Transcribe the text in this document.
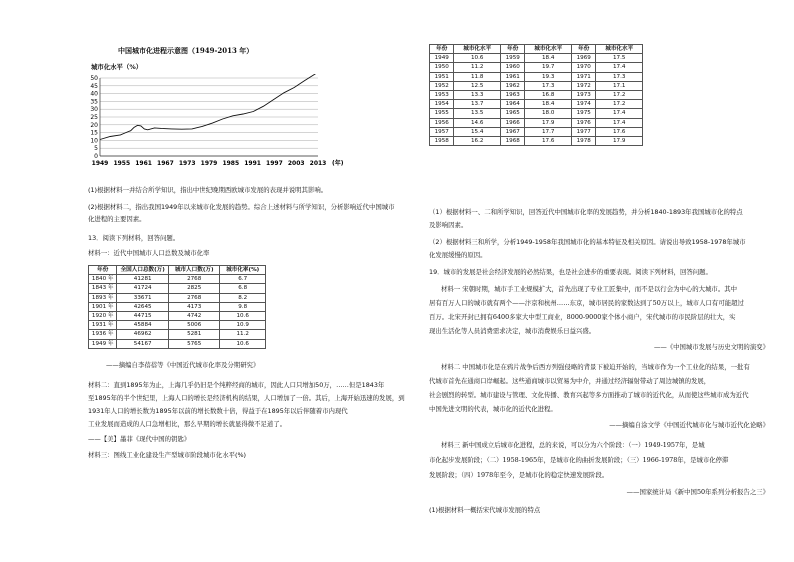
中国城市化进程示意图（1949-2013 年）
城市化水平（%）
0
5
10
15
20
25
30
35
40
45
50
1949 1955 1961 1967 1973 1979 1985 1991 1997 2003 2013 (年)
(1)根据材料一并结合所学知识，指出中世纪晚期西欧城市发展的表现并说明其影响。
(2)根据材料二，指出我国1949年以来城市化发展的趋势。综合上述材料与所学知识，分析影响近代中国城市
化进程的主要因素。
13．阅读下列材料，回答问题。
材料一：近代中国城市人口总数及城市化率
年份	全国人口总数(万)	城市人口数(万)	城市化率(%)
1840 年	41281	2768	6.7
1843 年	41724	2825	6.8
1893 年	33671	2768	8.2
1901 年	42645	4173	9.8
1920 年	44715	4742	10.6
1931 年	45884	5006	10.9
1936 年	46962	5281	11.2
1949 年	54167	5765	10.6
——摘编自李蓓蓓等《中国近代城市化率及分期研究》
材料二：直到1895年为止，上海几乎仍旧是个纯粹经商的城市，因此人口只增加50万，……但是1843年
至1895年的半个世纪里，上海人口的增长是经济机构的结果，人口增加了一倍。其后，上海开始迅速的发展，到
1931年人口的增长数为1895年以前的增长数数十倍，得益于在1895年以后伴随着市内现代
工业发展而造成的人口急增相比，那么早期的增长就显得微不足道了。
——【美】墨菲《现代中国的钥匙》
材料三：图线工业化建设生产型城市阶段城市化水平(%)
年份	城市化水平	年份	城市化水平	年份	城市化水平
1949	10.6	1959	18.4	1969	17.5
1950	11.2	1960	19.7	1970	17.4
1951	11.8	1961	19.3	1971	17.3
1952	12.5	1962	17.3	1972	17.1
1953	13.3	1963	16.8	1973	17.2
1954	13.7	1964	18.4	1974	17.2
1955	13.5	1965	18.0	1975	17.4
1956	14.6	1966	17.9	1976	17.4
1957	15.4	1967	17.7	1977	17.6
1958	16.2	1968	17.6	1978	17.9
（1）根据材料一、二和所学知识，回答近代中国城市化率的发展趋势，并分析1840-1893年我国城市化的特点
及影响因素。
（2）根据材料三和所学，分析1949-1958年我国城市化的基本特征及相关原因。请说出导致1958-1978年城市
化发展缓慢的原因。
19．城市的发展是社会经济发展的必然结果，也是社会进步的重要表现。阅读下列材料，回答问题。
材料一 宋朝时期，城市手工业规模扩大，首先出现了专业工匠集中，而不是以行会为中心的大城市。其中
居有百万人口的城市就有两个——汴京和杭州……东京，城市居民的家数达到了50万以上，城市人口有可能超过
百万。北宋开封已拥有6400多家大中型工商业，8000-9000家个体小商户，宋代城市的市民阶层的壮大，实
现出生活化等人员消费需求决定，城市消费娱乐日益兴盛。
——《中国城市发展与历史文明的演变》
材料二 中国城市化是在鸦片战争后西方列强侵略的背景下被迫开始的，当城市作为一个工业化的结果，一批有
代城市首先在通商口岸崛起。这些通商城市以贸易为中介，并通过经济辐射带动了周边城镇的发展，
社会剧烈的转型。城市建设与管理、文化传播、教育兴起等多方面推动了城市的近代化，从而使这些城市成为近代
中国先进文明的代表，城市化的近代化进程。
——摘编自涂文学《中国近代城市化与城市近代化论略》
材料三 新中国成立后城市化进程，总的来说，可以分为六个阶段：（一）1949-1957年，是城
市化起步发展阶段；（二）1958-1965年，是城市化的曲折发展阶段；（三）1966-1978年，是城市化停滞
发展阶段；（四）1978年至今，是城市化的稳定快速发展阶段。
——国家统计局《新中国50年系列分析报告之三》
(1)根据材料一概括宋代城市发展的特点
